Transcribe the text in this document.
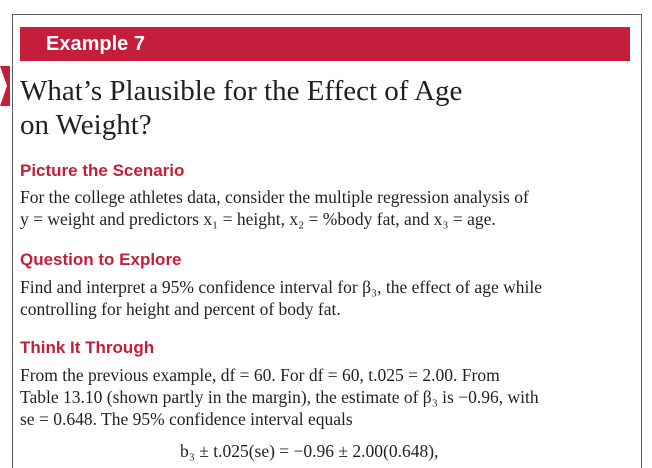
Example 7
What’s Plausible for the Effect of Age
on Weight?
Picture the Scenario
For the college athletes data, consider the multiple regression analysis of
y = weight and predictors x₁ = height, x₂ = %body fat, and x₃ = age.
Question to Explore
Find and interpret a 95% confidence interval for β₃, the effect of age while
controlling for height and percent of body fat.
Think It Through
From the previous example, df = 60. For df = 60, t.025 = 2.00. From
Table 13.10 (shown partly in the margin), the estimate of β₃ is −0.96, with
se = 0.648. The 95% confidence interval equals
b₃ ± t.025(se) = −0.96 ± 2.00(0.648),
